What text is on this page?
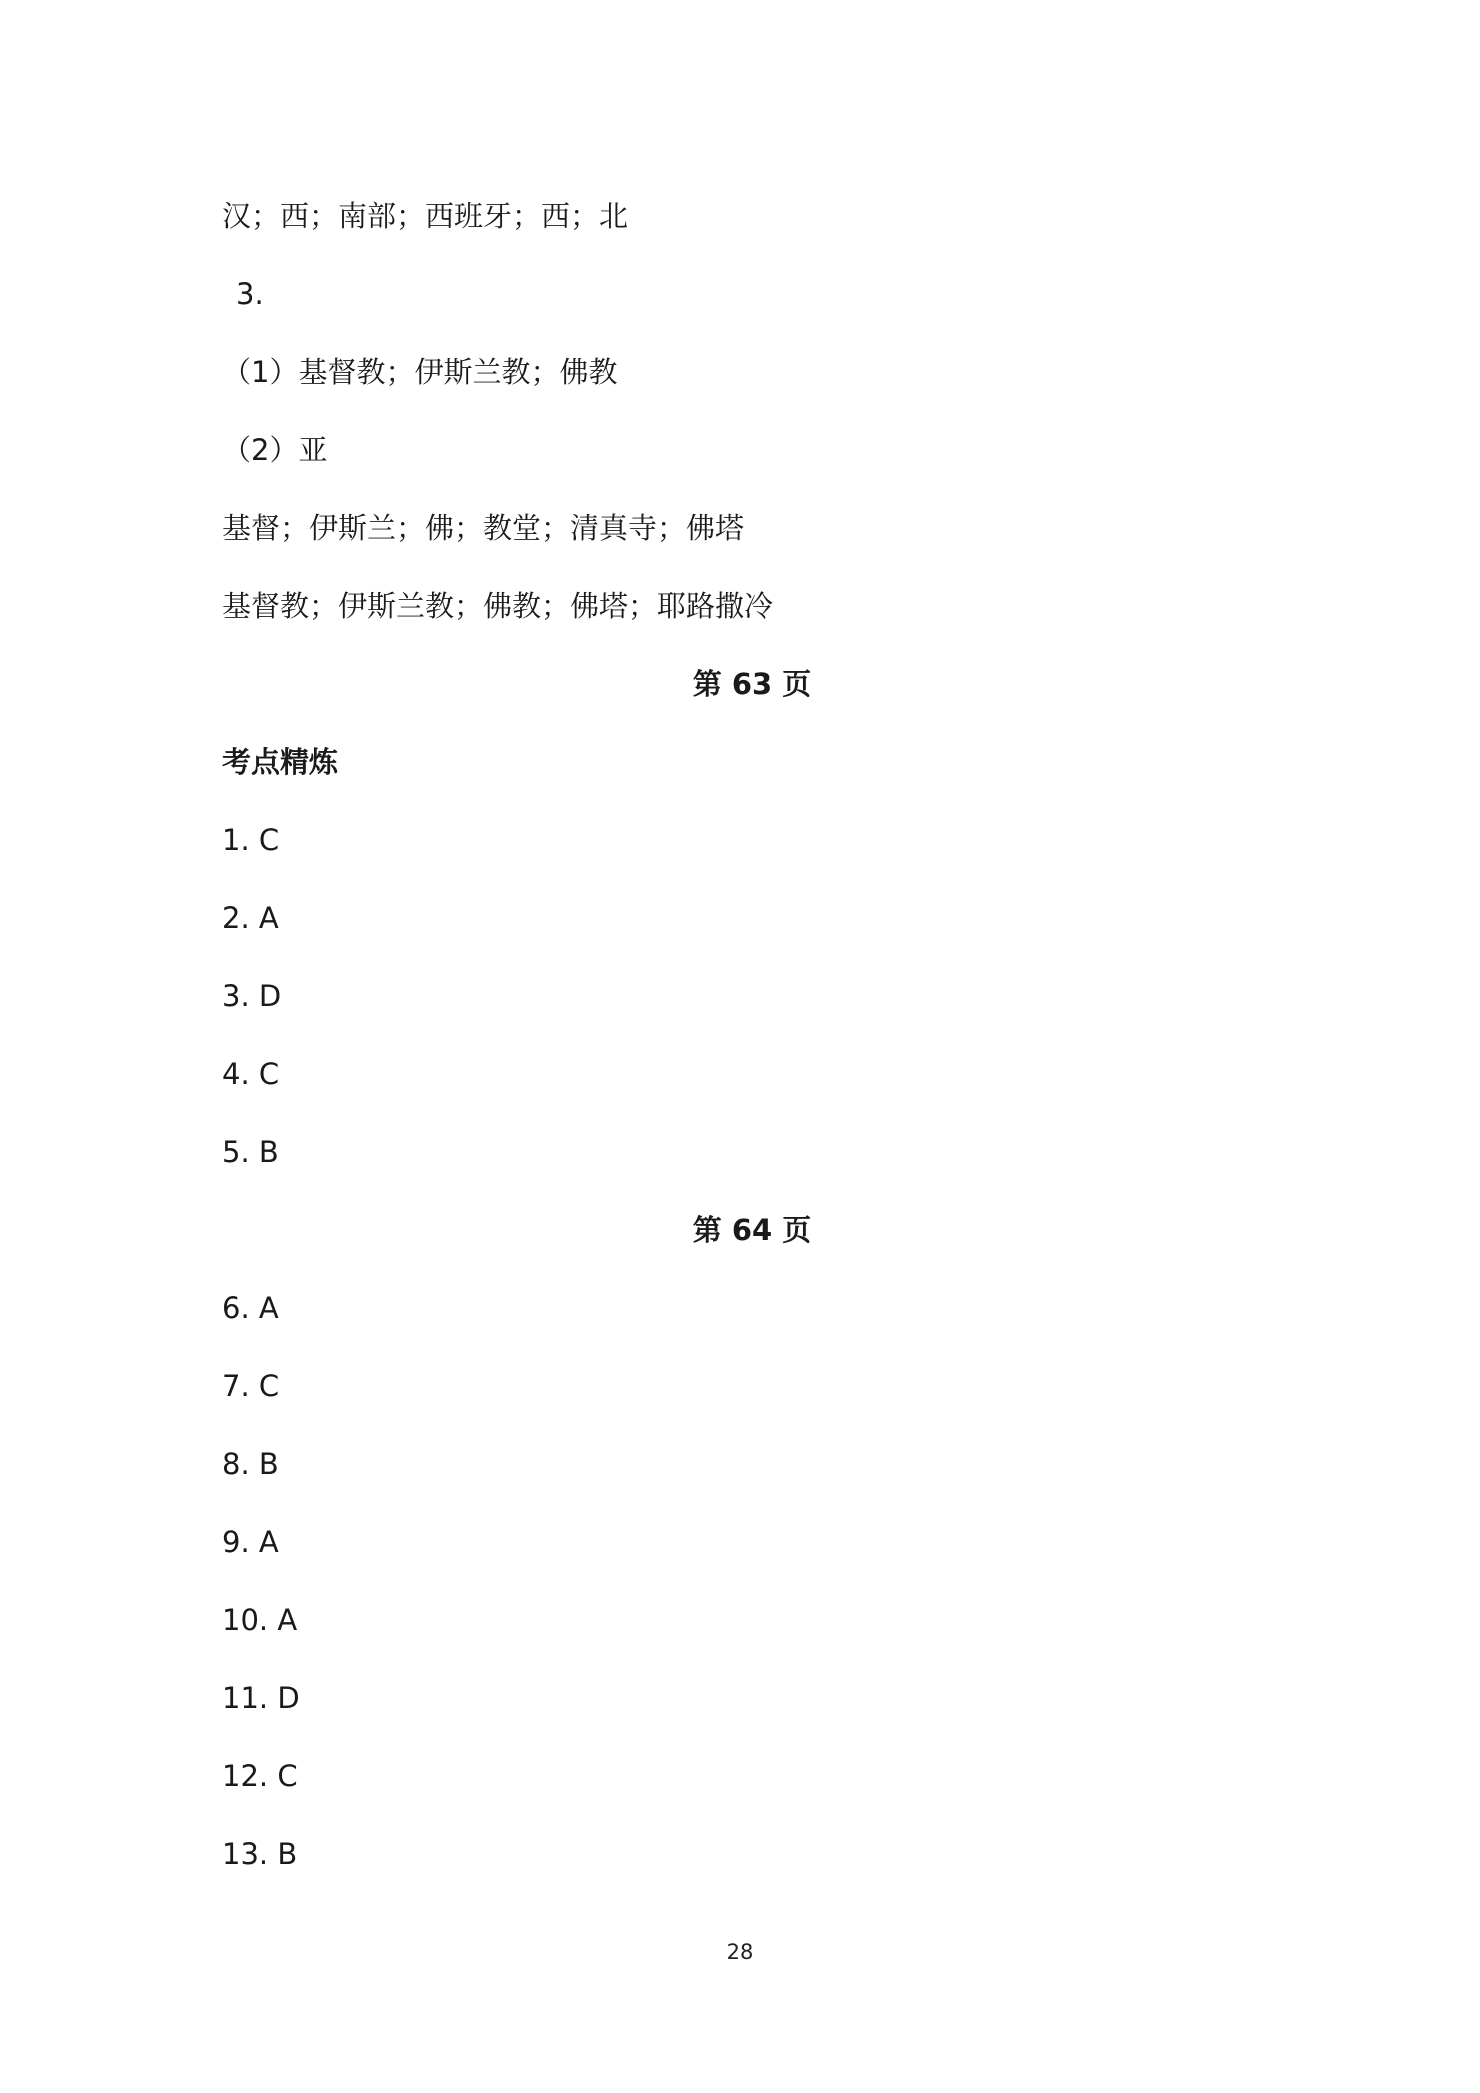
汉；西；南部；西班牙；西；北
3.
（1）基督教；伊斯兰教；佛教
（2）亚
基督；伊斯兰；佛；教堂；清真寺；佛塔
基督教；伊斯兰教；佛教；佛塔；耶路撒冷
第 63 页
考点精炼
1. C
2. A
3. D
4. C
5. B
第 64 页
6. A
7. C
8. B
9. A
10. A
11. D
12. C
13. B
28
